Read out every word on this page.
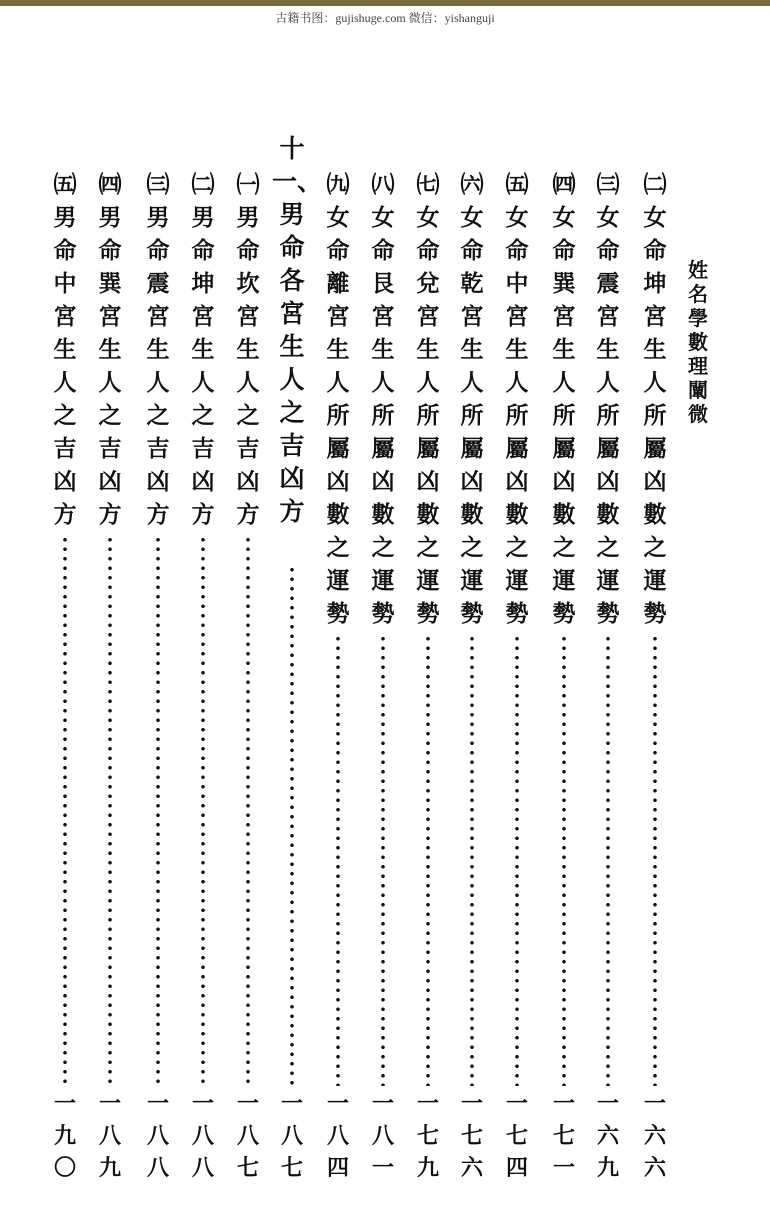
古籍书图：gujishuge.com 微信：yishanguji
姓名學數理闡微
㈡女命坤宮生人所屬凶數之運勢
一
六
六
㈢女命震宮生人所屬凶數之運勢
一
六
九
㈣女命巽宮生人所屬凶數之運勢
一
七
一
㈤女命中宮生人所屬凶數之運勢
一
七
四
㈥女命乾宮生人所屬凶數之運勢
一
七
六
㈦女命兌宮生人所屬凶數之運勢
一
七
九
㈧女命艮宮生人所屬凶數之運勢
一
八
一
㈨女命離宮生人所屬凶數之運勢
一
八
四
十一、男命各宮生人之吉凶方
一
八
七
㈠男命坎宮生人之吉凶方
一
八
七
㈡男命坤宮生人之吉凶方
一
八
八
㈢男命震宮生人之吉凶方
一
八
八
㈣男命巽宮生人之吉凶方
一
八
九
㈤男命中宮生人之吉凶方
一
九
〇
